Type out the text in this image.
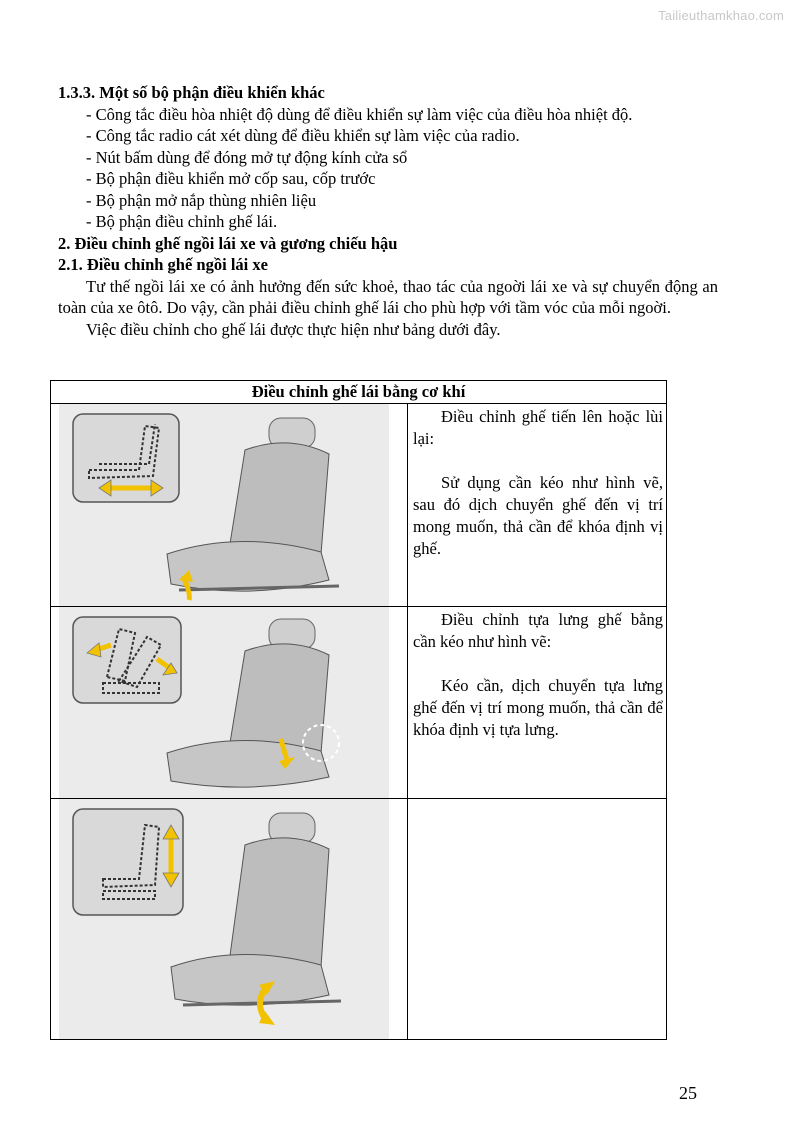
Tailieuthamkhao.com

1.3.3. Một số bộ phận điều khiển khác

- Công tắc điều hòa nhiệt độ dùng để điều khiển sự làm việc của điều hòa nhiệt độ.

- Công tắc radio cát xét dùng để điều khiển sự làm việc của radio.

- Nút bấm dùng để đóng mở tự động kính cửa sổ

- Bộ phận điều khiển mở cốp sau, cốp trước

- Bộ phận mở nắp thùng nhiên liệu

- Bộ phận điều chỉnh ghế lái.

2. Điều chỉnh ghế ngồi lái xe và gương chiếu hậu

2.1. Điều chỉnh ghế ngồi lái xe

Tư thế ngồi lái xe có ảnh hưởng đến sức khoẻ, thao tác của ngoời lái xe và sự chuyển động an toàn của xe ôtô. Do vậy, cần phải điều chỉnh ghế lái cho phù hợp với tầm vóc của mỗi ngoời.

Việc điều chỉnh cho ghế lái được thực hiện như bảng dưới đây.

Điều chỉnh ghế lái bằng cơ khí	

Điều chỉnh ghế tiến lên hoặc lùi lại:

Sử dụng cần kéo như hình vẽ, sau đó dịch chuyển ghế đến vị trí mong muốn, thả cần để khóa định vị ghế.

Điều chỉnh tựa lưng ghế bằng cần kéo như hình vẽ:

Kéo cần, dịch chuyển tựa lưng ghế đến vị trí mong muốn, thả cần để khóa định vị tựa lưng.

25
